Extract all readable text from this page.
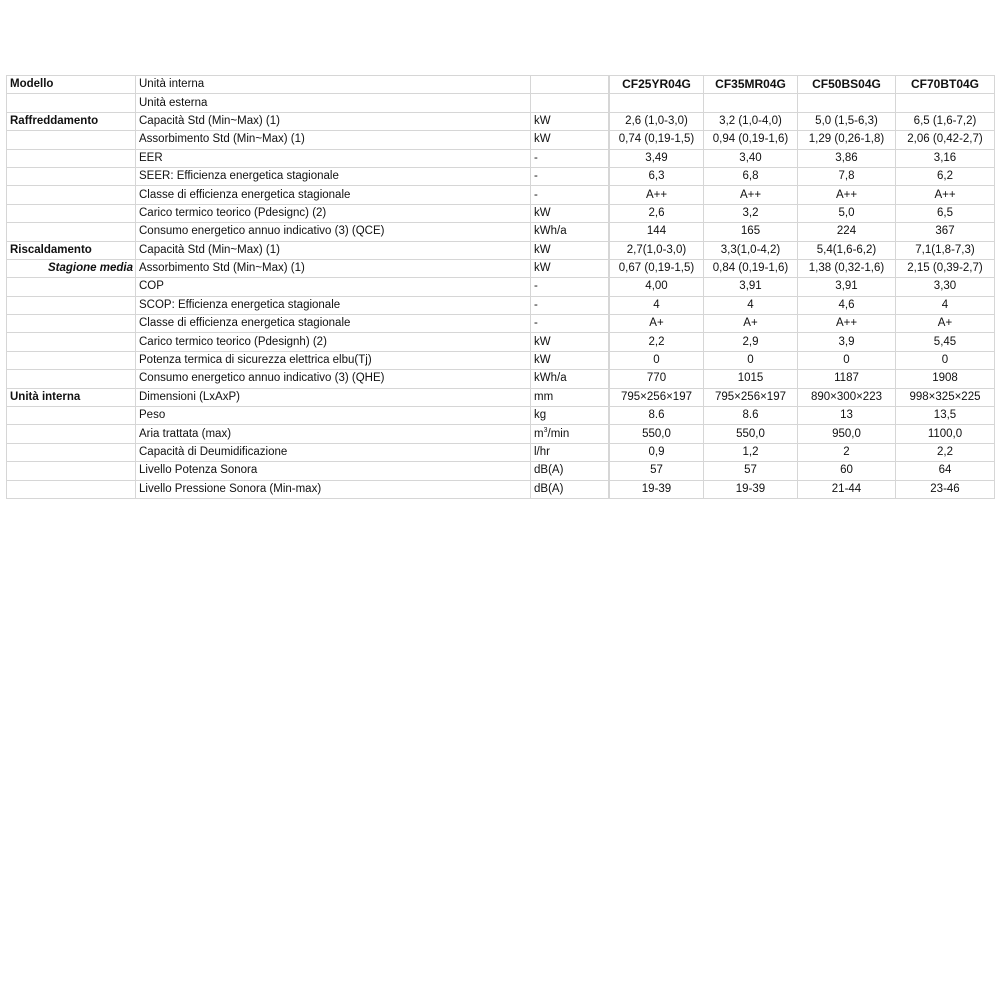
Modello	Unità interna			CF25YR04G	CF35MR04G	CF50BS04G	CF70BT04G
	Unità esterna						
Raffreddamento	Capacità Std (Min~Max) (1)	kW		2,6 (1,0-3,0)	3,2 (1,0-4,0)	5,0 (1,5-6,3)	6,5 (1,6-7,2)
	Assorbimento Std (Min~Max) (1)	kW		0,74 (0,19-1,5)	0,94 (0,19-1,6)	1,29 (0,26-1,8)	2,06 (0,42-2,7)
	EER	-		3,49	3,40	3,86	3,16
	SEER: Efficienza energetica stagionale	-		6,3	6,8	7,8	6,2
	Classe di efficienza energetica stagionale	-		A++	A++	A++	A++
	Carico termico teorico (Pdesignc) (2)	kW		2,6	3,2	5,0	6,5
	Consumo energetico annuo indicativo (3) (QCE)	kWh/a		144	165	224	367
Riscaldamento	Capacità Std (Min~Max) (1)	kW		2,7(1,0-3,0)	3,3(1,0-4,2)	5,4(1,6-6,2)	7,1(1,8-7,3)
Stagione media	Assorbimento Std (Min~Max) (1)	kW		0,67 (0,19-1,5)	0,84 (0,19-1,6)	1,38 (0,32-1,6)	2,15 (0,39-2,7)
	COP	-		4,00	3,91	3,91	3,30
	SCOP: Efficienza energetica stagionale	-		4	4	4,6	4
	Classe di efficienza energetica stagionale	-		A+	A+	A++	A+
	Carico termico teorico (Pdesignh) (2)	kW		2,2	2,9	3,9	5,45
	Potenza termica di sicurezza elettrica elbu(Tj)	kW		0	0	0	0
	Consumo energetico annuo indicativo (3) (QHE)	kWh/a		770	1015	1187	1908
Unità interna	Dimensioni (LxAxP)	mm		795×256×197	795×256×197	890×300×223	998×325×225
	Peso	kg		8.6	8.6	13	13,5
	Aria trattata (max)	$m^3/\min$		550,0	550,0	950,0	1100,0
	Capacità di Deumidificazione	l/hr		0,9	1,2	2	2,2
	Livello Potenza Sonora	dB(A)		57	57	60	64
	Livello Pressione Sonora (Min-max)	dB(A)		19-39	19-39	21-44	23-46
